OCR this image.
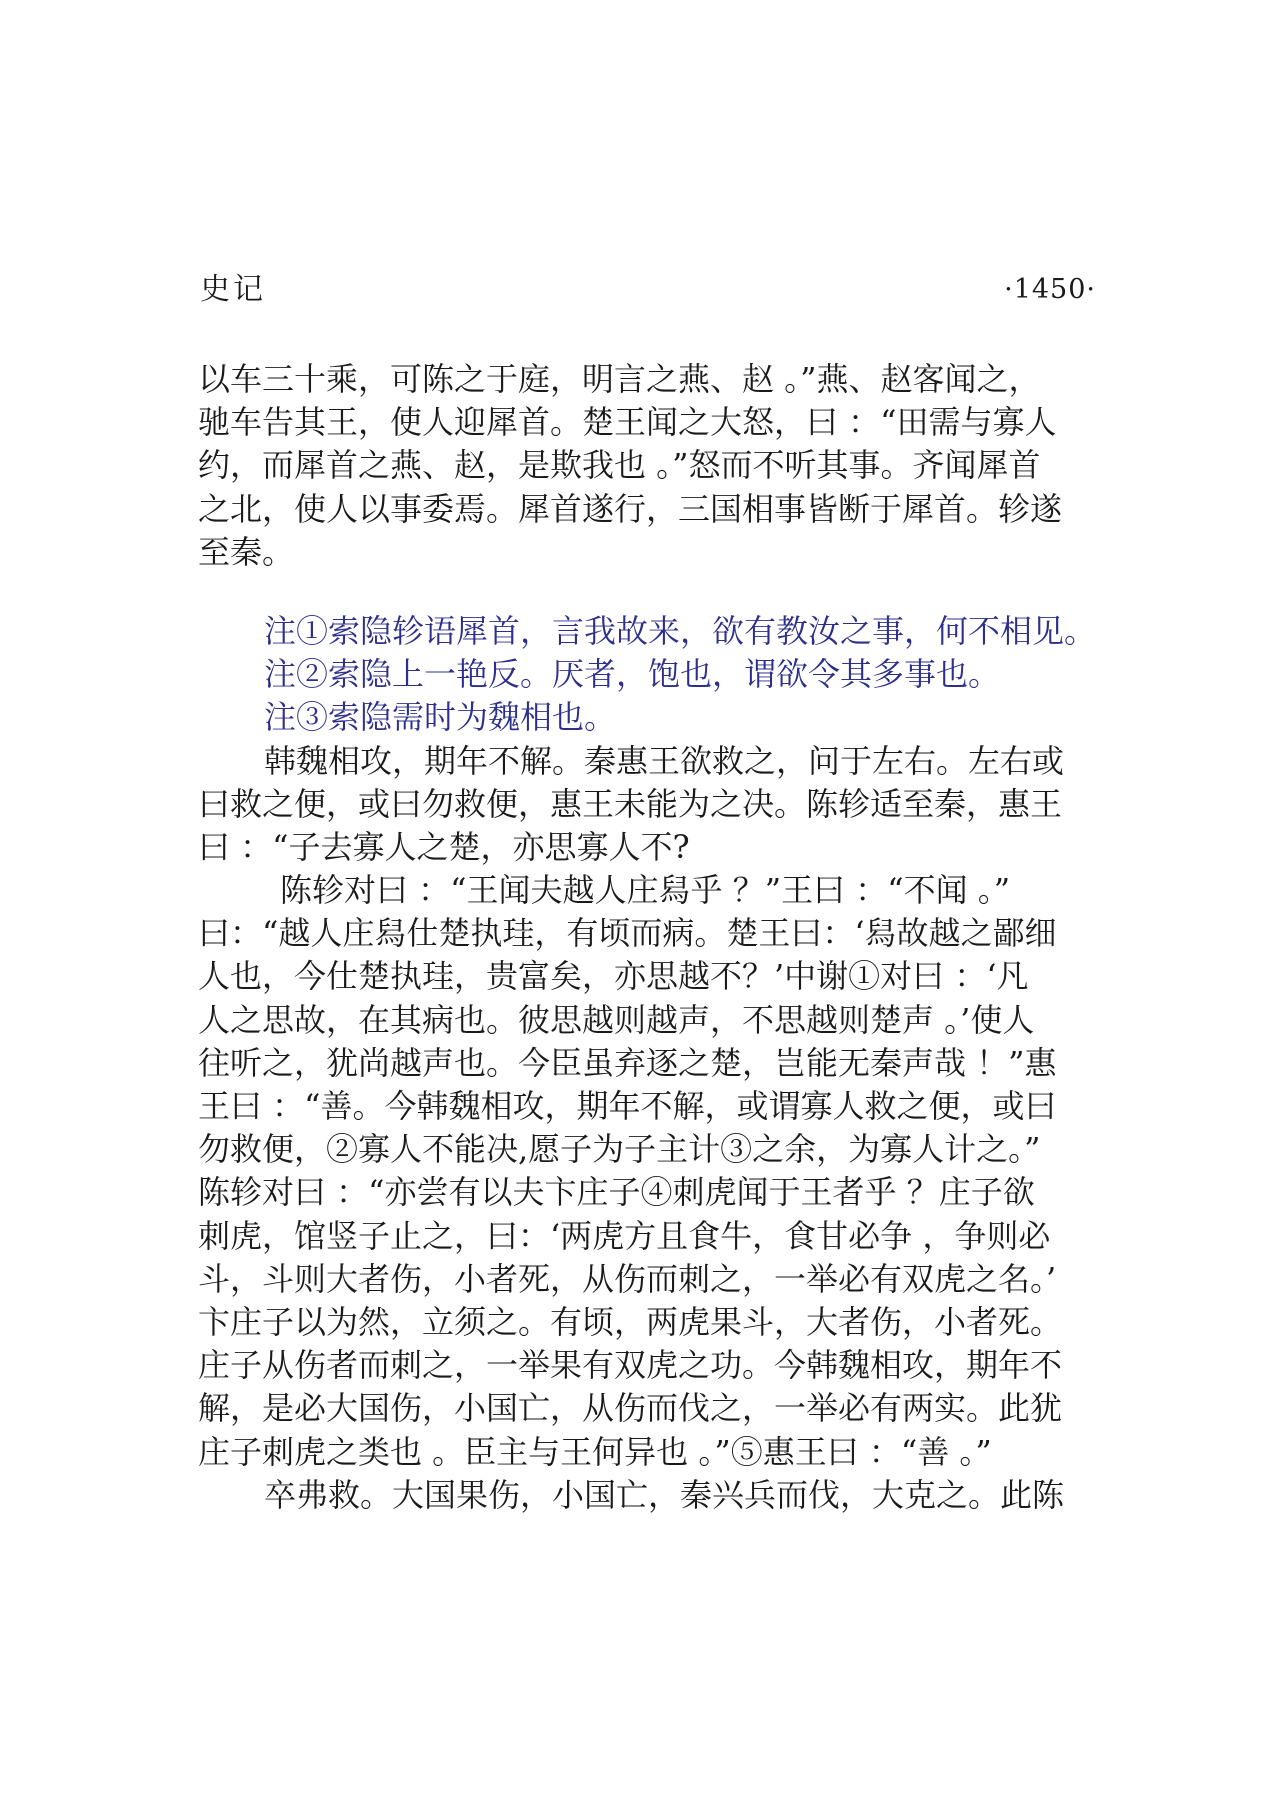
史记	·1450·
以车三十乘，可陈之于庭，明言之燕、赵 。”燕、赵客闻之，
驰车告其王，使人迎犀首。楚王闻之大怒，曰 ：“田需与寡人
约，而犀首之燕、赵，是欺我也 。”怒而不听其事。齐闻犀首
之北，使人以事委焉。犀首遂行，三国相事皆断于犀首。轸遂
至秦。
注①索隐轸语犀首，言我故来，欲有教汝之事，何不相见。
注②索隐上一艳反。厌者，饱也，谓欲令其多事也。
注③索隐需时为魏相也。
韩魏相攻，期年不解。秦惠王欲救之，问于左右。左右或
曰救之便，或曰勿救便，惠王未能为之决。陈轸适至秦，惠王
曰 ：“子去寡人之楚，亦思寡人不?
陈轸对曰 ：“王闻夫越人庄舄乎 ？”王曰 ：“不闻 。”
曰：“越人庄舄仕楚执珪，有顷而病。楚王曰：‘舄故越之鄙细
人也，今仕楚执珪，贵富矣，亦思越不？’中谢①对曰 ：‘凡
人之思故，在其病也。彼思越则越声，不思越则楚声 。’使人
往听之，犹尚越声也。今臣虽弃逐之楚，岂能无秦声哉 ！”惠
王曰 ：“善。今韩魏相攻，期年不解，或谓寡人救之便，或曰
勿救便，②寡人不能决,愿子为子主计③之余，为寡人计之。”
陈轸对曰 ：“亦尝有以夫卞庄子④刺虎闻于王者乎 ？庄子欲
刺虎，馆竖子止之，曰：‘两虎方且食牛，食甘必争 ，争则必
斗，斗则大者伤，小者死，从伤而刺之，一举必有双虎之名。’
卞庄子以为然，立须之。有顷，两虎果斗，大者伤，小者死。
庄子从伤者而刺之，一举果有双虎之功。今韩魏相攻，期年不
解，是必大国伤，小国亡，从伤而伐之，一举必有两实。此犹
庄子刺虎之类也 。臣主与王何异也 。”⑤惠王曰 ：“善 。”
卒弗救。大国果伤，小国亡，秦兴兵而伐，大克之。此陈
